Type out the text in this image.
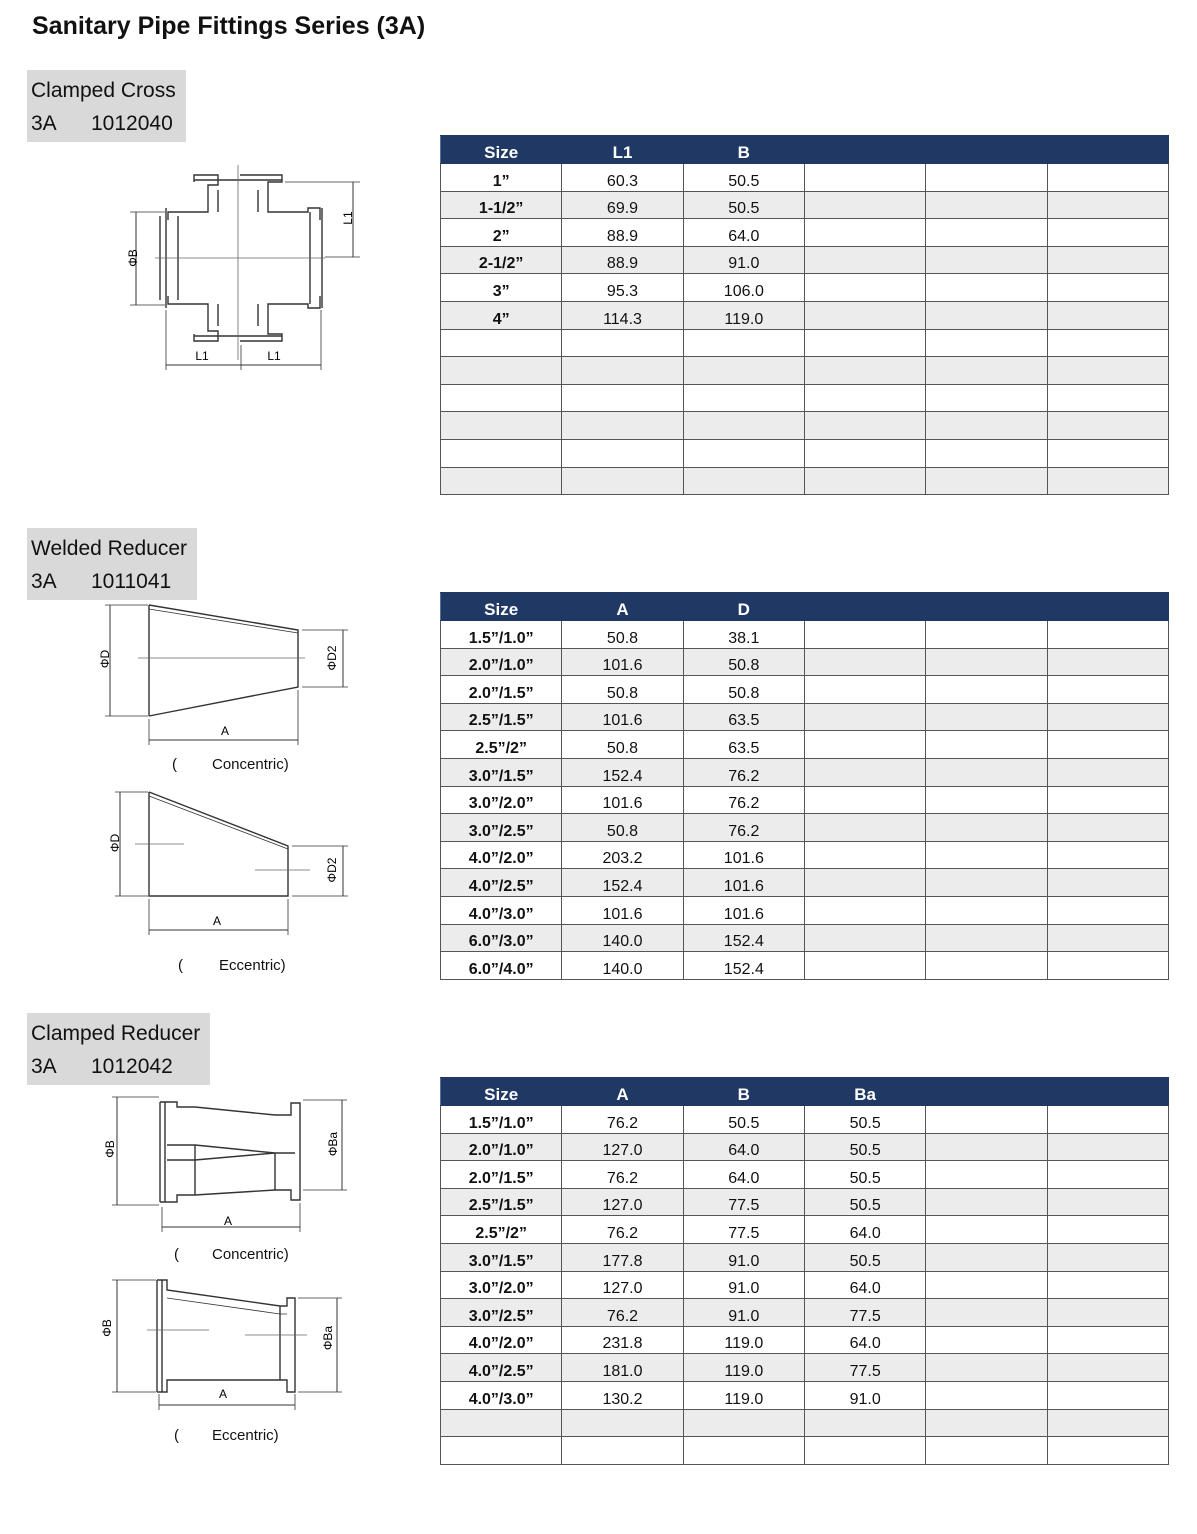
Sanitary Pipe Fittings Series (3A)
Clamped Cross
3A 1012040
ΦB
L1
L1	L1
Size	L1	B			
1”	60.3	50.5			
1-1/2”	69.9	50.5			
2”	88.9	64.0			
2-1/2”	88.9	91.0			
3”	95.3	106.0			
4”	114.3	119.0			

Welded Reducer
3A 1011041
ΦD	ΦD2
A
( Concentric)
ΦD
ΦD2
A
( Eccentric)
Size	A	D			
1.5”/1.0”	50.8	38.1			
2.0”/1.0”	101.6	50.8			
2.0”/1.5”	50.8	50.8			
2.5”/1.5”	101.6	63.5			
2.5”/2”	50.8	63.5			
3.0”/1.5”	152.4	76.2			
3.0”/2.0”	101.6	76.2			
3.0”/2.5”	50.8	76.2			
4.0”/2.0”	203.2	101.6			
4.0”/2.5”	152.4	101.6			
4.0”/3.0”	101.6	101.6			
6.0”/3.0”	140.0	152.4			
6.0”/4.0”	140.0	152.4			
Clamped Reducer
3A 1012042
ΦB	ΦBa
A
( Concentric)
ΦB	ΦBa
A
( Eccentric)
Size	A	B	Ba		
1.5”/1.0”	76.2	50.5	50.5		
2.0”/1.0”	127.0	64.0	50.5		
2.0”/1.5”	76.2	64.0	50.5		
2.5”/1.5”	127.0	77.5	50.5		
2.5”/2”	76.2	77.5	64.0		
3.0”/1.5”	177.8	91.0	50.5		
3.0”/2.0”	127.0	91.0	64.0		
3.0”/2.5”	76.2	91.0	77.5		
4.0”/2.0”	231.8	119.0	64.0		
4.0”/2.5”	181.0	119.0	77.5		
4.0”/3.0”	130.2	119.0	91.0		
